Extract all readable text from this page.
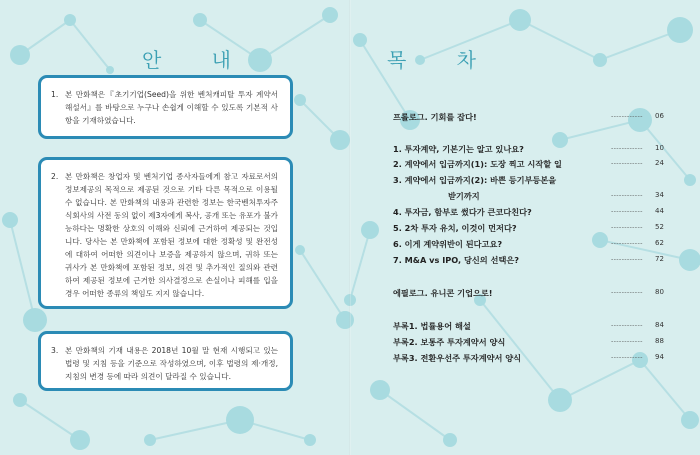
안 내
1. 본 만화책은『초기기업(Seed)을 위한 벤처캐피탈 투자 계약서 해설서』를 바탕으로 누구나 손쉽게 이해할 수 있도록 기본적 사항을 기재하였습니다.
2. 본 만화책은 창업자 및 벤처기업 종사자들에게 참고 자료로서의 정보제공의 목적으로 제공된 것으로 기타 다른 목적으로 이용될 수 없습니다. 본 만화책의 내용과 관련한 정보는 한국벤처투자주식회사의 사전 동의 없이 제3자에게 복사, 공개 또는 유포가 불가능하다는 명확한 상호의 이해와 신뢰에 근거하여 제공되는 것입니다. 당사는 본 만화책에 포함된 정보에 대한 정확성 및 완전성에 대하여 어떠한 의견이나 보증을 제공하지 않으며, 귀하 또는 귀사가 본 만화책에 포함된 정보, 의견 및 추가적인 질의와 관련하여 제공된 정보에 근거한 의사결정으로 손실이나 피해를 입을 경우 어떠한 종류의 책임도 지지 않습니다.
3. 본 만화책의 기재 내용은 2018년 10월 말 현재 시행되고 있는 법령 및 지침 등을 기준으로 작성하였으며, 이후 법령의 제·개정, 지침의 변경 등에 따라 의견이 달라질 수 있습니다.
목 차
프롤로그. 기회를 잡다!	------------ 06
1. 투자계약, 기본기는 알고 있나요?	------------ 10
2. 계약에서 입금까지(1): 도장 찍고 시작할 일	------------ 24
3. 계약에서 입금까지(2): 바쁜 등기부등본을
받기까지	------------ 34
4. 투자금, 함부로 썼다가 큰코다친다?	------------ 44
5. 2차 투자 유치, 이것이 먼저다?	------------ 52
6. 이게 계약위반이 된다고요?	------------ 62
7. M&A vs IPO, 당신의 선택은?	------------ 72
에필로그. 유니콘 기업으로!	------------ 80
부록1. 법률용어 해설	------------ 84
부록2. 보통주 투자계약서 양식	------------ 88
부록3. 전환우선주 투자계약서 양식	------------ 94
